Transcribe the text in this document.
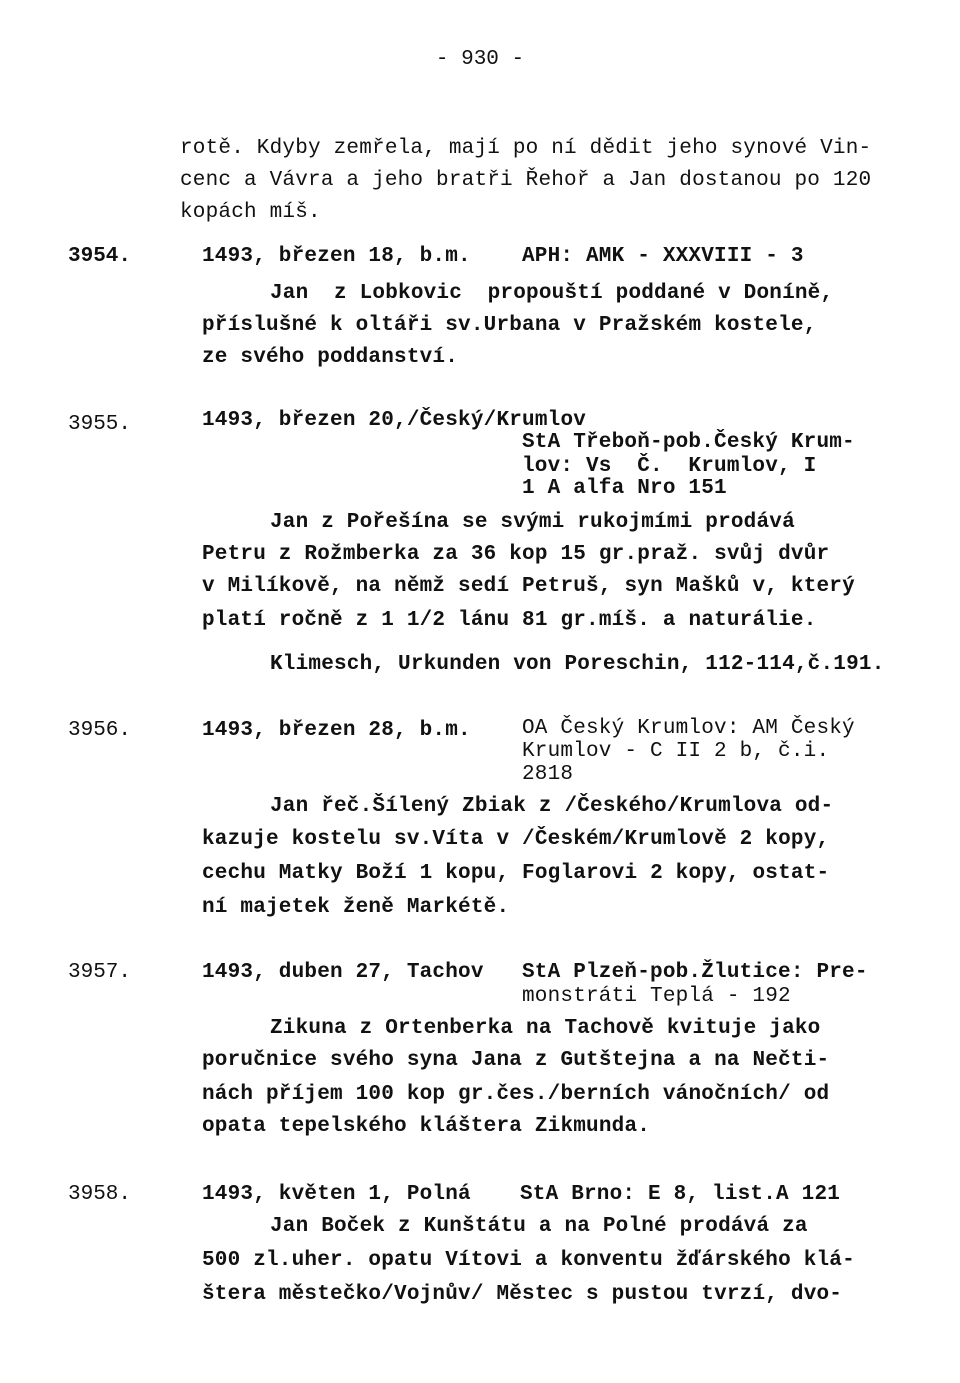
- 930 -
rotě. Kdyby zemřela, mají po ní dědit jeho synové Vin-
cenc a Vávra a jeho bratři Řehoř a Jan dostanou po 120
kopách míš.
3954.	1493, březen 18, b.m. APH: AMK - XXXVIII - 3
Jan  z Lobkovic  propouští poddané v Doníně,
příslušné k oltáři sv.Urbana v Pražském kostele,
ze svého poddanství.
3955.	1493, březen 20,/Český/Krumlov
StA Třeboň-pob.Český Krum-
lov: Vs  Č.  Krumlov, I
1 A alfa Nro 151
Jan z Pořešína se svými rukojmími prodává
Petru z Rožmberka za 36 kop 15 gr.praž. svůj dvůr
v Milíkově, na němž sedí Petruš, syn Mašků v, který
platí ročně z 1 1/2 lánu 81 gr.míš. a naturálie.
Klimesch, Urkunden von Poreschin, 112-114,č.191.
3956.	1493, březen 28, b.m. OA Český Krumlov: AM Český
Krumlov - C II 2 b, č.i.
2818
Jan řeč.Šílený Zbiak z /Českého/Krumlova od-
kazuje kostelu sv.Víta v /Českém/Krumlově 2 kopy,
cechu Matky Boží 1 kopu, Foglarovi 2 kopy, ostat-
ní majetek ženě Markétě.
3957.	1493, duben 27, Tachov StA Plzeň-pob.Žlutice: Pre-
monstráti Teplá - 192
Zikuna z Ortenberka na Tachově kvituje jako
poručnice svého syna Jana z Gutštejna a na Nečti-
nách příjem 100 kop gr.čes./berních vánočních/ od
opata tepelského kláštera Zikmunda.
3958.	1493, květen 1, Polná StA Brno: E 8, list.A 121
Jan Boček z Kunštátu a na Polné prodává za
500 zl.uher. opatu Vítovi a konventu žďárského klá-
štera městečko/Vojnův/ Městec s pustou tvrzí, dvo-
